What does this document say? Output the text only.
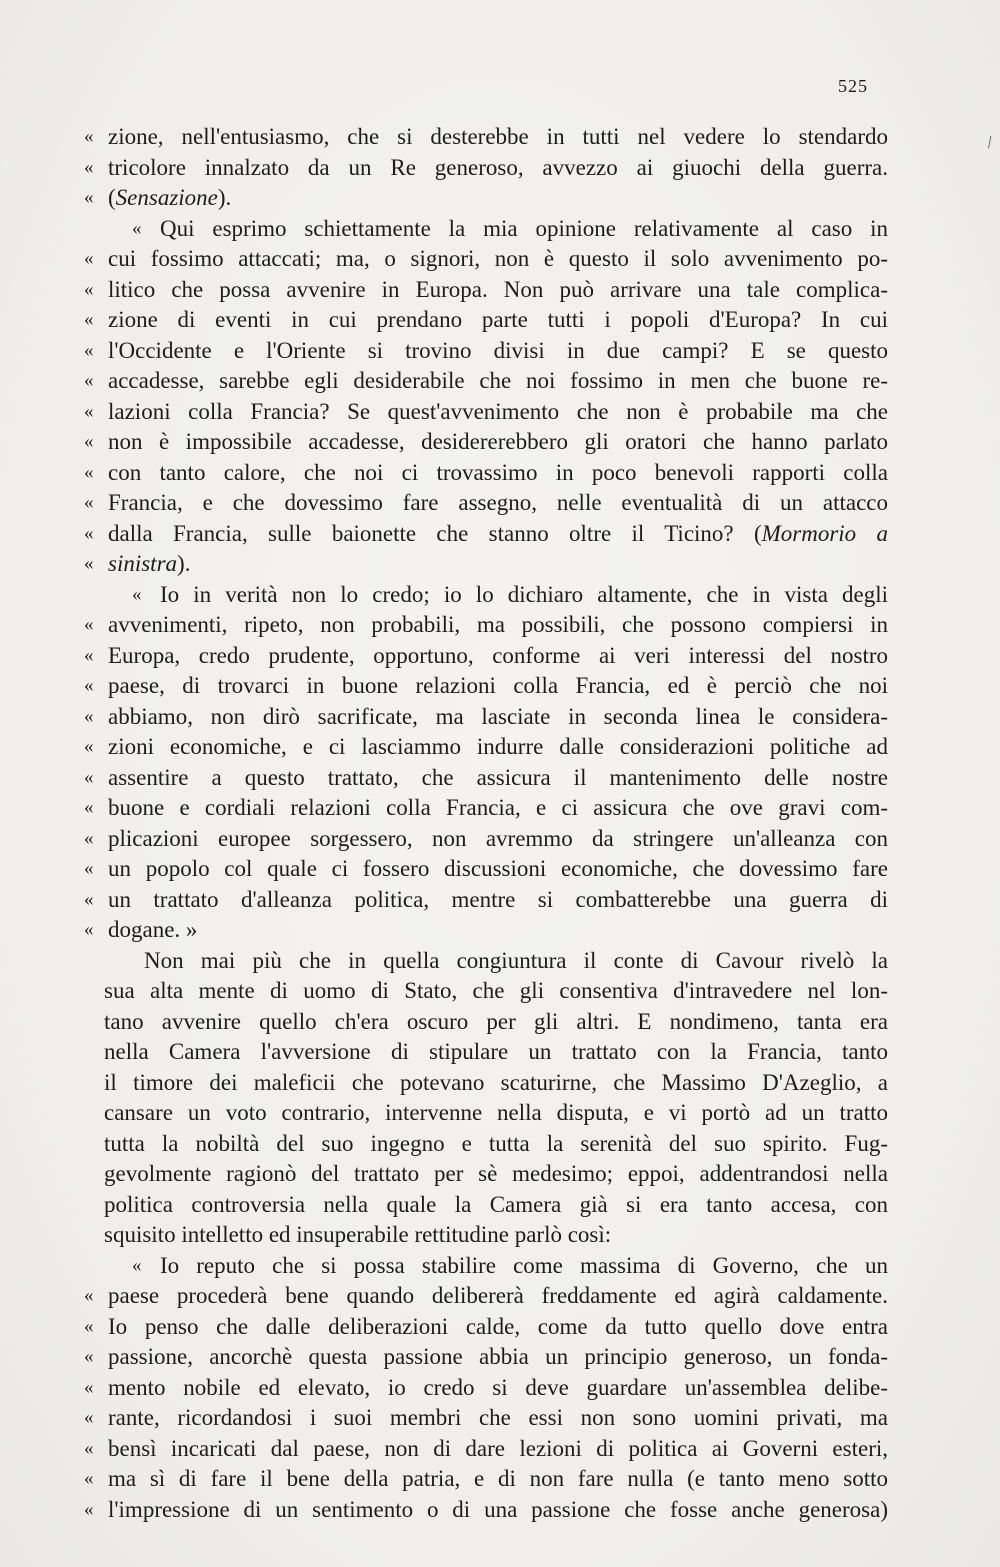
525
\
« zione, nell'entusiasmo, che si desterebbe in tutti nel vedere lo stendardo
« tricolore innalzato da un Re generoso, avvezzo ai giuochi della guerra.
« (Sensazione).
« Qui esprimo schiettamente la mia opinione relativamente al caso in
« cui fossimo attaccati; ma, o signori, non è questo il solo avvenimento po-
« litico che possa avvenire in Europa. Non può arrivare una tale complica-
« zione di eventi in cui prendano parte tutti i popoli d'Europa? In cui
« l'Occidente e l'Oriente si trovino divisi in due campi? E se questo
« accadesse, sarebbe egli desiderabile che noi fossimo in men che buone re-
« lazioni colla Francia? Se quest'avvenimento che non è probabile ma che
« non è impossibile accadesse, desidererebbero gli oratori che hanno parlato
« con tanto calore, che noi ci trovassimo in poco benevoli rapporti colla
« Francia, e che dovessimo fare assegno, nelle eventualità di un attacco
« dalla Francia, sulle baionette che stanno oltre il Ticino? (Mormorio a
« sinistra).
« Io in verità non lo credo; io lo dichiaro altamente, che in vista degli
« avvenimenti, ripeto, non probabili, ma possibili, che possono compiersi in
« Europa, credo prudente, opportuno, conforme ai veri interessi del nostro
« paese, di trovarci in buone relazioni colla Francia, ed è perciò che noi
« abbiamo, non dirò sacrificate, ma lasciate in seconda linea le considera-
« zioni economiche, e ci lasciammo indurre dalle considerazioni politiche ad
« assentire a questo trattato, che assicura il mantenimento delle nostre
« buone e cordiali relazioni colla Francia, e ci assicura che ove gravi com-
« plicazioni europee sorgessero, non avremmo da stringere un'alleanza con
« un popolo col quale ci fossero discussioni economiche, che dovessimo fare
« un trattato d'alleanza politica, mentre si combatterebbe una guerra di
« dogane. »
Non mai più che in quella congiuntura il conte di Cavour rivelò la
sua alta mente di uomo di Stato, che gli consentiva d'intravedere nel lon-
tano avvenire quello ch'era oscuro per gli altri. E nondimeno, tanta era
nella Camera l'avversione di stipulare un trattato con la Francia, tanto
il timore dei maleficii che potevano scaturirne, che Massimo D'Azeglio, a
cansare un voto contrario, intervenne nella disputa, e vi portò ad un tratto
tutta la nobiltà del suo ingegno e tutta la serenità del suo spirito. Fug-
gevolmente ragionò del trattato per sè medesimo; eppoi, addentrandosi nella
politica controversia nella quale la Camera già si era tanto accesa, con
squisito intelletto ed insuperabile rettitudine parlò così:
« Io reputo che si possa stabilire come massima di Governo, che un
« paese procederà bene quando delibererà freddamente ed agirà caldamente.
« Io penso che dalle deliberazioni calde, come da tutto quello dove entra
« passione, ancorchè questa passione abbia un principio generoso, un fonda-
« mento nobile ed elevato, io credo si deve guardare un'assemblea delibe-
« rante, ricordandosi i suoi membri che essi non sono uomini privati, ma
« bensì incaricati dal paese, non di dare lezioni di politica ai Governi esteri,
« ma sì di fare il bene della patria, e di non fare nulla (e tanto meno sotto
« l'impressione di un sentimento o di una passione che fosse anche generosa)
